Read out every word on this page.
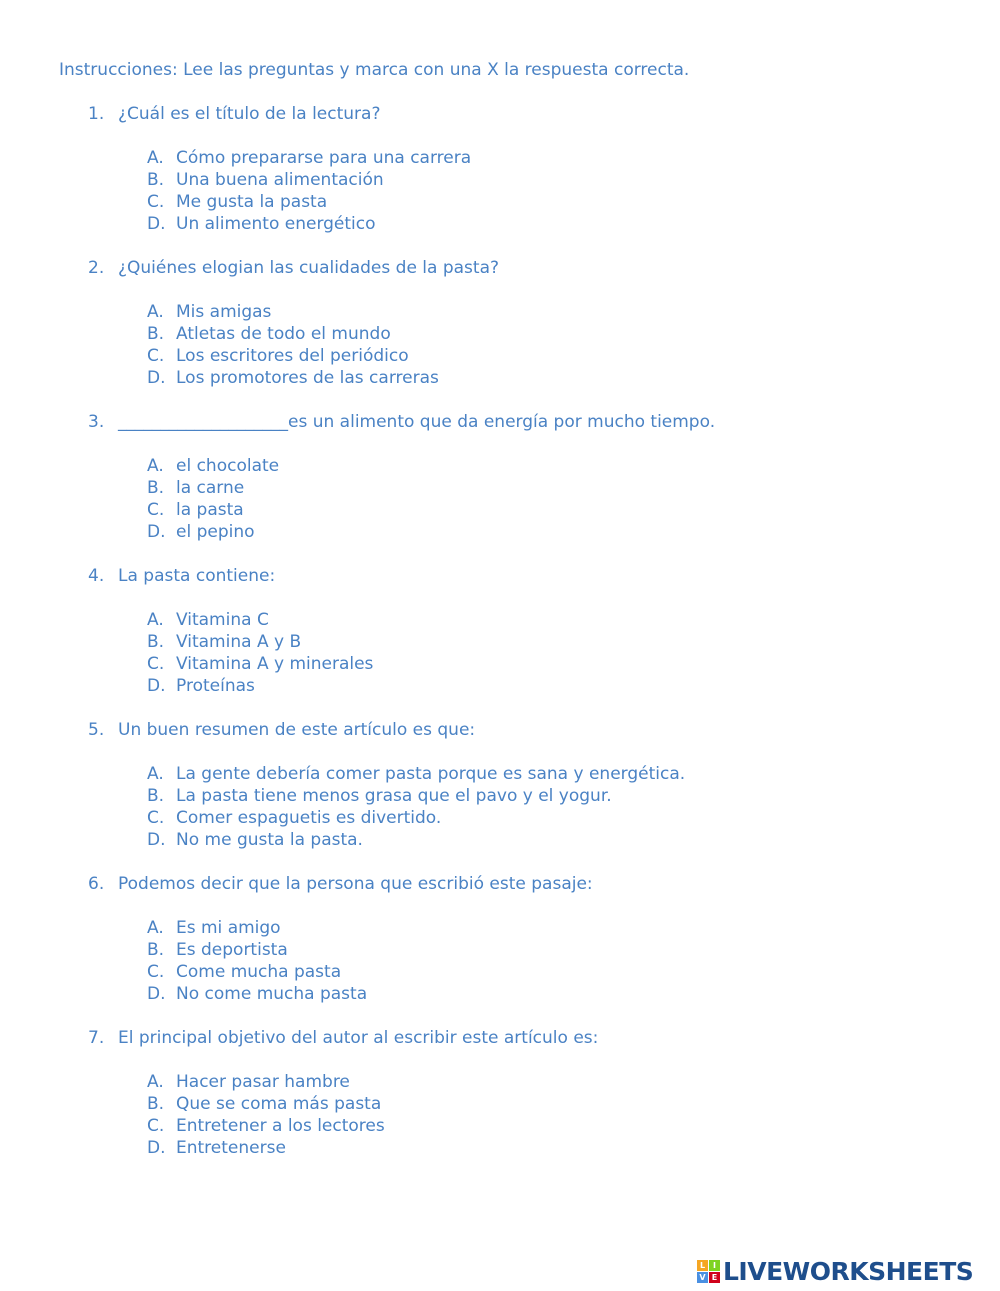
Instrucciones: Lee las preguntas y marca con una X la respuesta correcta.
1. ¿Cuál es el título de la lectura?
A. Cómo prepararse para una carrera
B. Una buena alimentación
C. Me gusta la pasta
D. Un alimento energético
2. ¿Quiénes elogian las cualidades de la pasta?
A. Mis amigas
B. Atletas de todo el mundo
C. Los escritores del periódico
D. Los promotores de las carreras
3. ____________________es un alimento que da energía por mucho tiempo.
A. el chocolate
B. la carne
C. la pasta
D. el pepino
4. La pasta contiene:
A. Vitamina C
B. Vitamina A y B
C. Vitamina A y minerales
D. Proteínas
5. Un buen resumen de este artículo es que:
A. La gente debería comer pasta porque es sana y energética.
B. La pasta tiene menos grasa que el pavo y el yogur.
C. Comer espaguetis es divertido.
D. No me gusta la pasta.
6. Podemos decir que la persona que escribió este pasaje:
A. Es mi amigo
B. Es deportista
C. Come mucha pasta
D. No come mucha pasta
7. El principal objetivo del autor al escribir este artículo es:
A. Hacer pasar hambre
B. Que se coma más pasta
C. Entretener a los lectores
D. Entretenerse
L I
V E LIVEWORKSHEETS
